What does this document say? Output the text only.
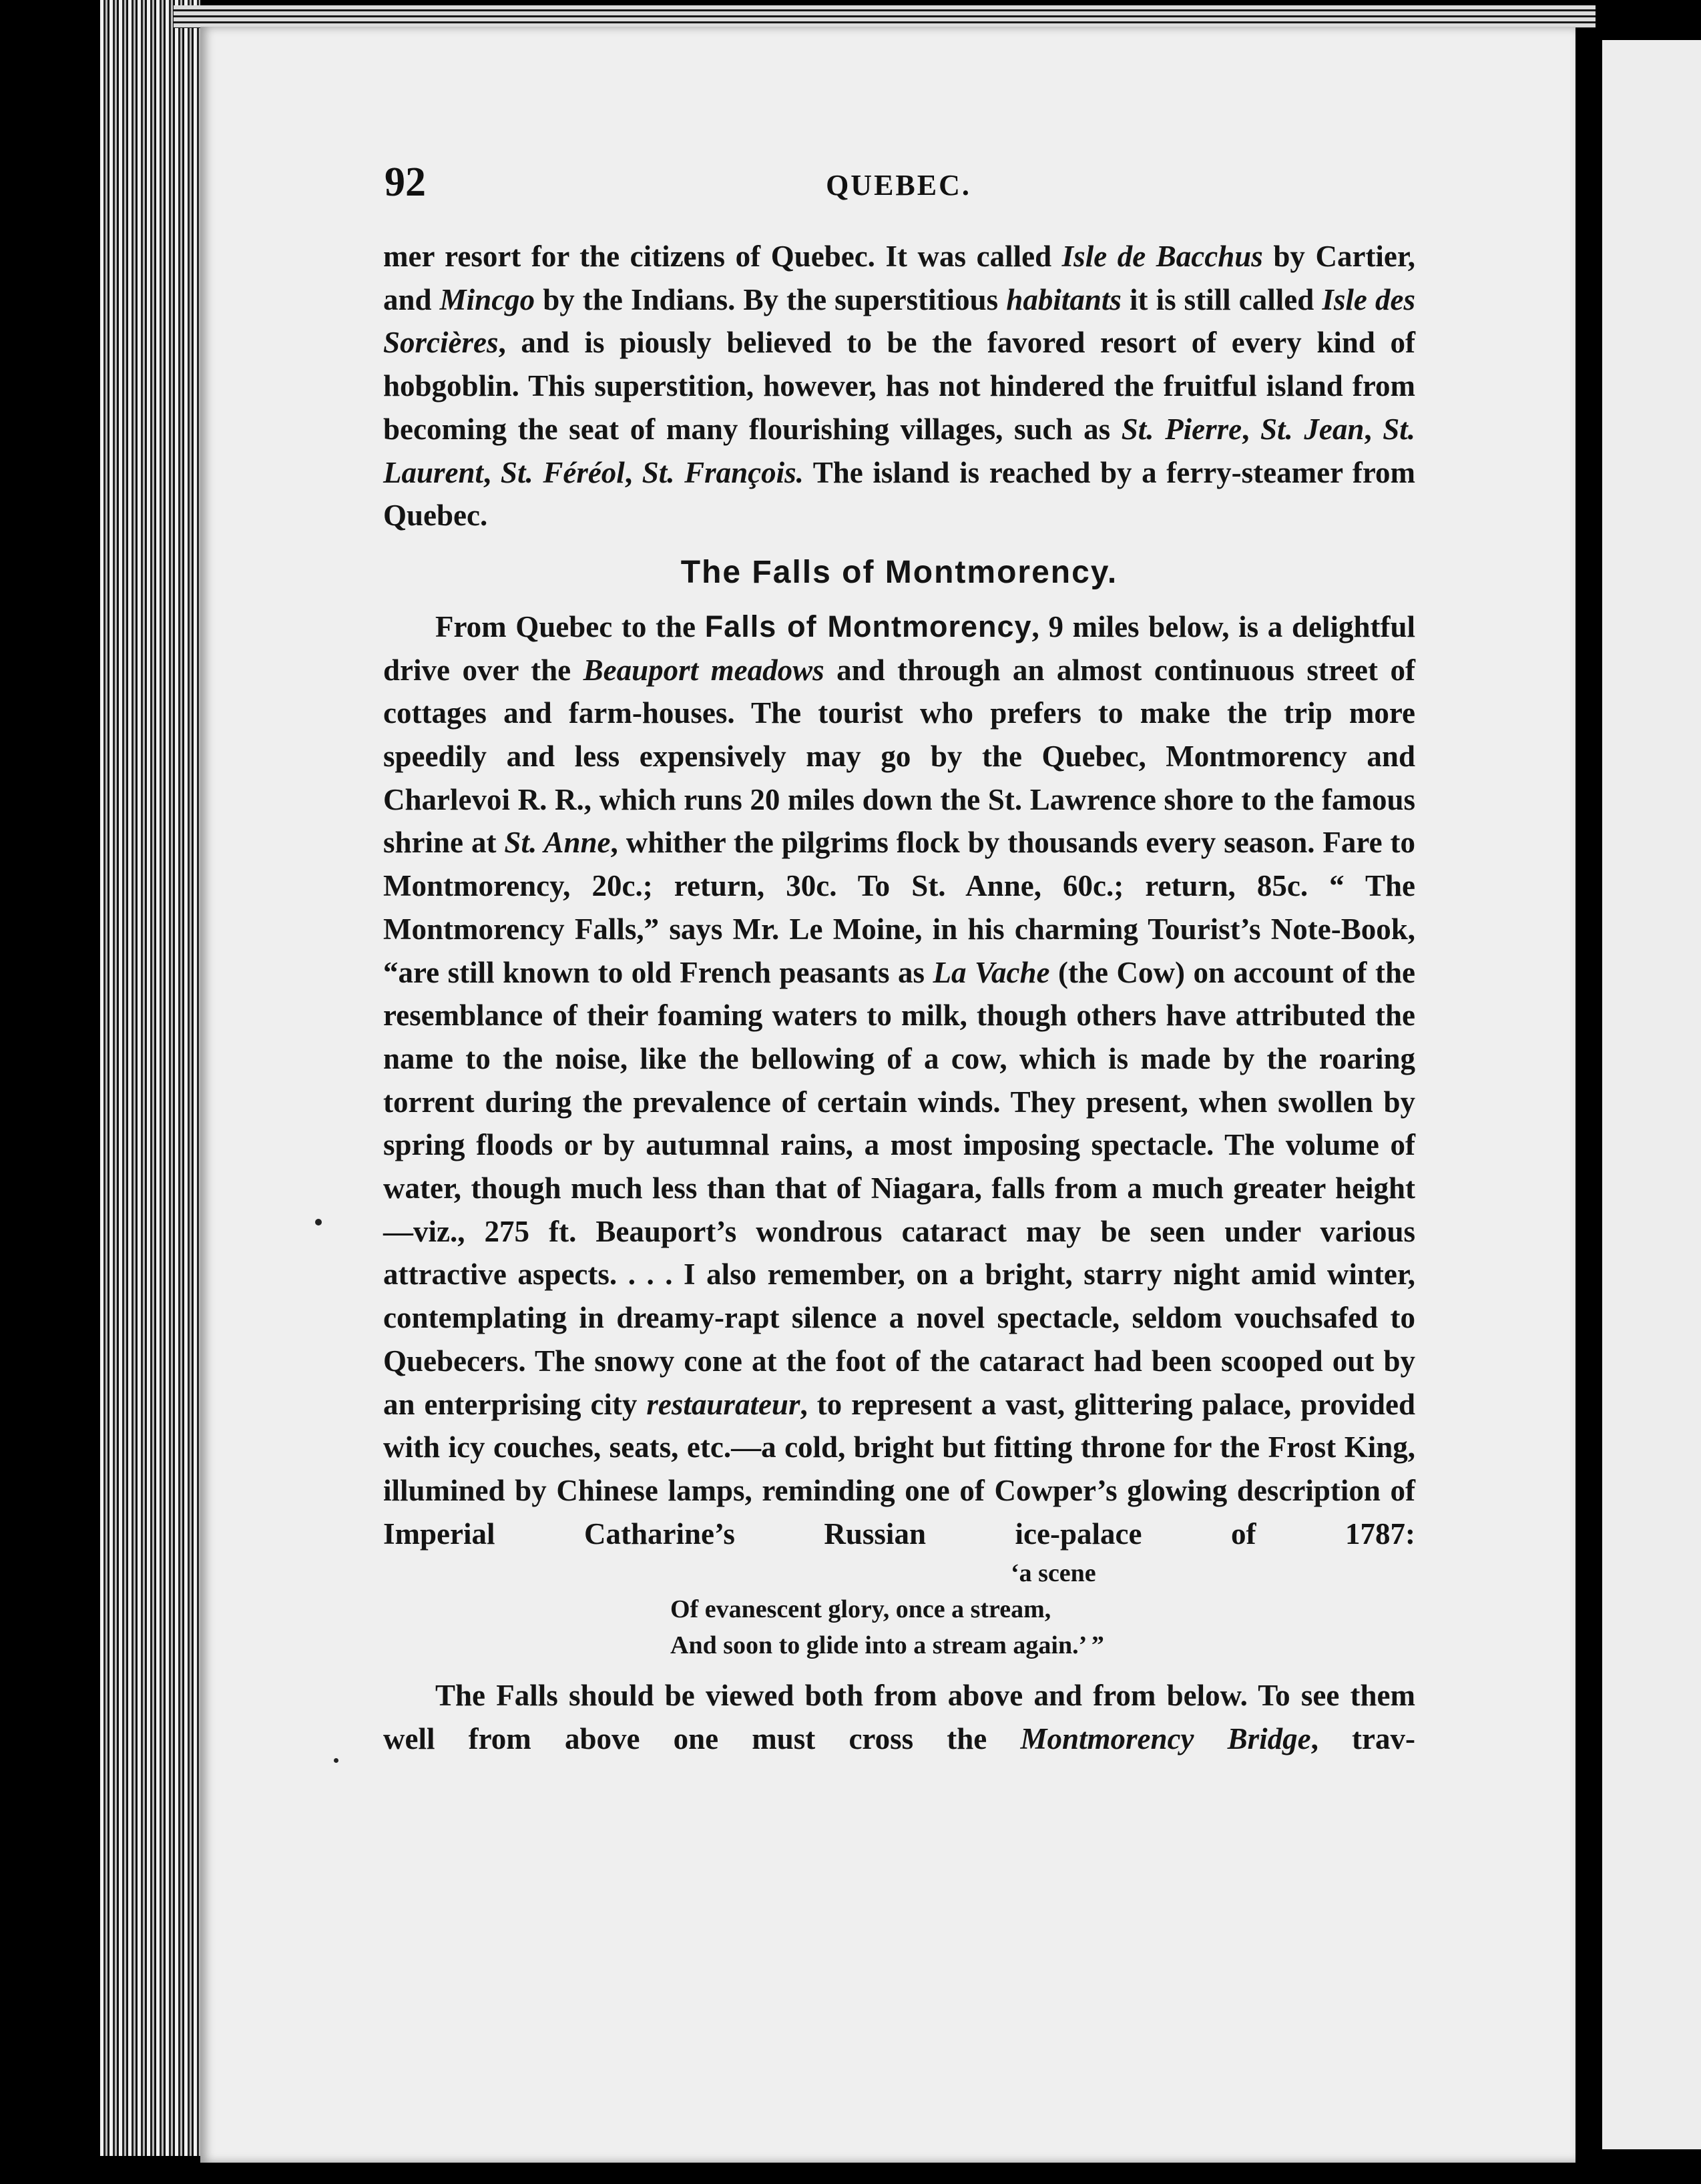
92	QUEBEC.

mer resort for the citizens of Quebec. It was called Isle de Bacchus by Cartier, and Mincgo by the Indians. By the superstitious habitants it is still called Isle des Sorcières, and is piously believed to be the favored resort of every kind of hobgoblin. This superstition, however, has not hindered the fruitful island from becoming the seat of many flourishing villages, such as St. Pierre, St. Jean, St. Laurent, St. Féréol, St. François. The island is reached by a ferry-steamer from Quebec.

The Falls of Montmorency.

From Quebec to the Falls of Montmorency, 9 miles below, is a delightful drive over the Beauport meadows and through an almost continuous street of cottages and farm-houses. The tourist who prefers to make the trip more speedily and less expensively may go by the Quebec, Montmorency and Charlevoi R. R., which runs 20 miles down the St. Lawrence shore to the famous shrine at St. Anne, whither the pilgrims flock by thousands every season. Fare to Montmorency, 20c.; return, 30c. To St. Anne, 60c.; return, 85c. “ The Montmorency Falls,” says Mr. Le Moine, in his charming Tourist’s Note-Book, “are still known to old French peasants as La Vache (the Cow) on account of the resemblance of their foaming waters to milk, though others have attributed the name to the noise, like the bellowing of a cow, which is made by the roaring torrent during the prevalence of certain winds. They present, when swollen by spring floods or by autumnal rains, a most imposing spectacle. The volume of water, though much less than that of Niagara, falls from a much greater height—viz., 275 ft. Beauport’s wondrous cataract may be seen under various attractive aspects. . . . I also remember, on a bright, starry night amid winter, contemplating in dreamy-rapt silence a novel spectacle, seldom vouchsafed to Quebecers. The snowy cone at the foot of the cataract had been scooped out by an enterprising city restaurateur, to represent a vast, glittering palace, provided with icy couches, seats, etc.—a cold, bright but fitting throne for the Frost King, illumined by Chinese lamps, reminding one of Cowper’s glowing description of Imperial Catharine’s Russian ice-palace of 1787:

‘a scene
Of evanescent glory, once a stream,
And soon to glide into a stream again.’ ”

The Falls should be viewed both from above and from below. To see them well from above one must cross the Montmorency Bridge, trav-
